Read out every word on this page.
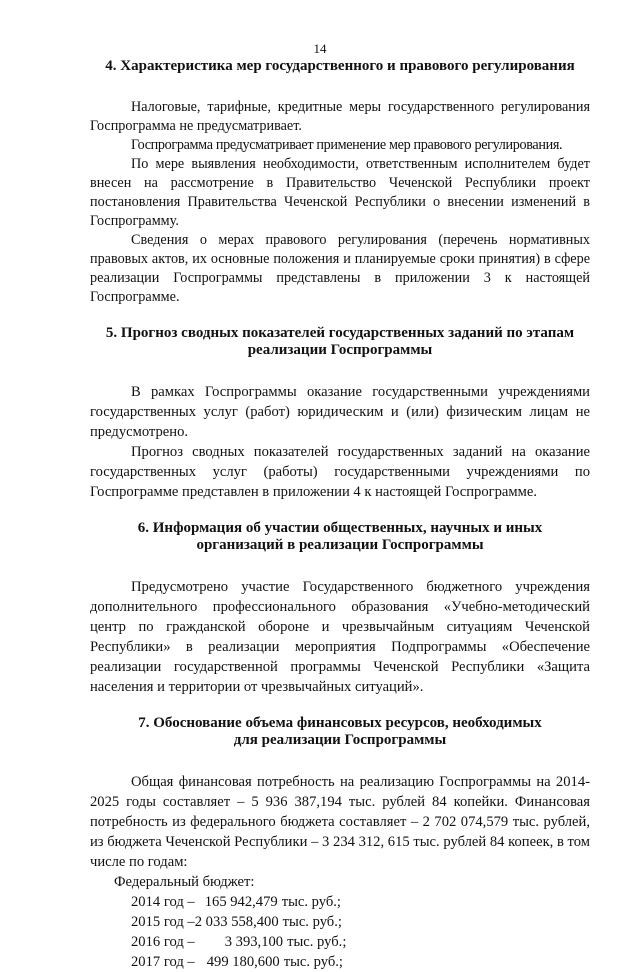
14
4. Характеристика мер государственного и правового регулирования

Налоговые, тарифные, кредитные меры государственного регулирования Госпрограмма не предусматривает.

Госпрограмма предусматривает применение мер правового регулирования.

По мере выявления необходимости, ответственным исполнителем будет внесен на рассмотрение в Правительство Чеченской Республики проект постановления Правительства Чеченской Республики о внесении изменений в Госпрограмму.

Сведения о мерах правового регулирования (перечень нормативных правовых актов, их основные положения и планируемые сроки принятия) в сфере реализации Госпрограммы представлены в приложении 3 к настоящей Госпрограмме.

5. Прогноз сводных показателей государственных заданий по этапам
реализации Госпрограммы

В рамках Госпрограммы оказание государственными учреждениями государственных услуг (работ) юридическим и (или) физическим лицам не предусмотрено.

Прогноз сводных показателей государственных заданий на оказание государственных услуг (работы) государственными учреждениями по Госпрограмме представлен в приложении 4 к настоящей Госпрограмме.

6. Информация об участии общественных, научных и иных
организаций в реализации Госпрограммы

Предусмотрено участие Государственного бюджетного учреждения дополнительного профессионального образования «Учебно-методический центр по гражданской обороне и чрезвычайным ситуациям Чеченской Республики» в реализации мероприятия Подпрограммы «Обеспечение реализации государственной программы Чеченской Республики «Защита населения и территории от чрезвычайных ситуаций».

7. Обоснование объема финансовых ресурсов, необходимых
для реализации Госпрограммы

Общая финансовая потребность на реализацию Госпрограммы на 2014-2025 годы составляет – 5 936 387,194 тыс. рублей 84 копейки. Финансовая потребность из федерального бюджета составляет – 2 702 074,579 тыс. рублей, из бюджета Чеченской Республики – 3 234 312, 615 тыс. рублей 84 копеек, в том числе по годам:

Федеральный бюджет:
2014 год – 165 942,479 тыс. руб.;
2015 год – 2 033 558,400 тыс. руб.;
2016 год –	3 393,100 тыс. руб.;
2017 год – 499 180,600 тыс. руб.;
